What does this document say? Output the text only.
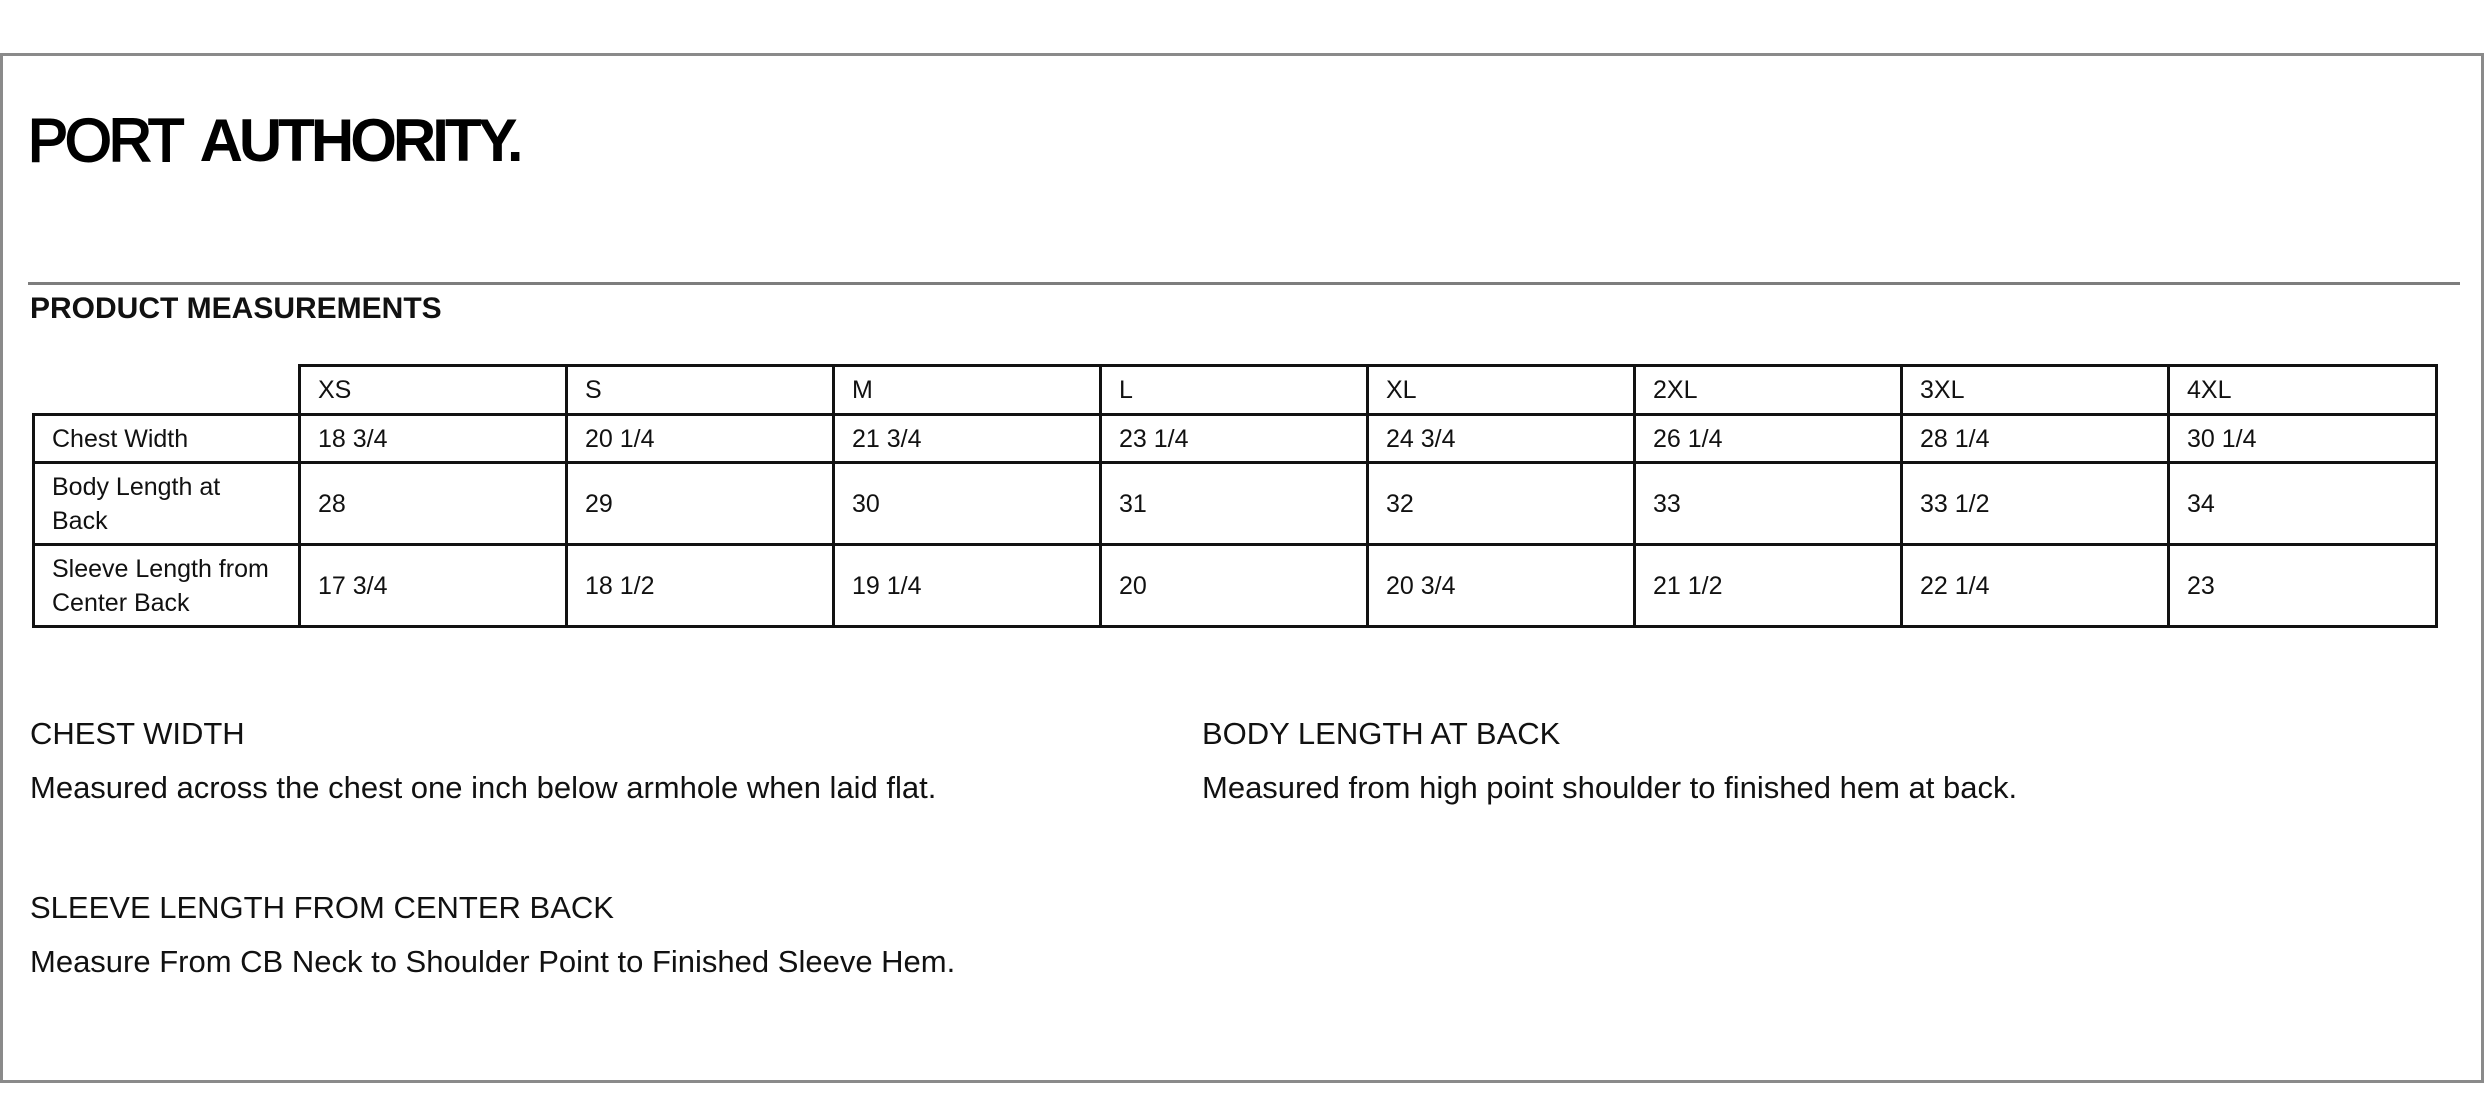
PORT AUTHORITY.
PRODUCT MEASUREMENTS
	XS	S	M	L	XL	2XL	3XL	4XL
Chest Width	18 3/4	20 1/4	21 3/4	23 1/4	24 3/4	26 1/4	28 1/4	30 1/4
Body Length at
Back	28	29	30	31	32	33	33 1/2	34
Sleeve Length from
Center Back	17 3/4	18 1/2	19 1/4	20	20 3/4	21 1/2	22 1/4	23
CHEST WIDTH
Measured across the chest one inch below armhole when laid flat.
BODY LENGTH AT BACK
Measured from high point shoulder to finished hem at back.
SLEEVE LENGTH FROM CENTER BACK
Measure From CB Neck to Shoulder Point to Finished Sleeve Hem.
